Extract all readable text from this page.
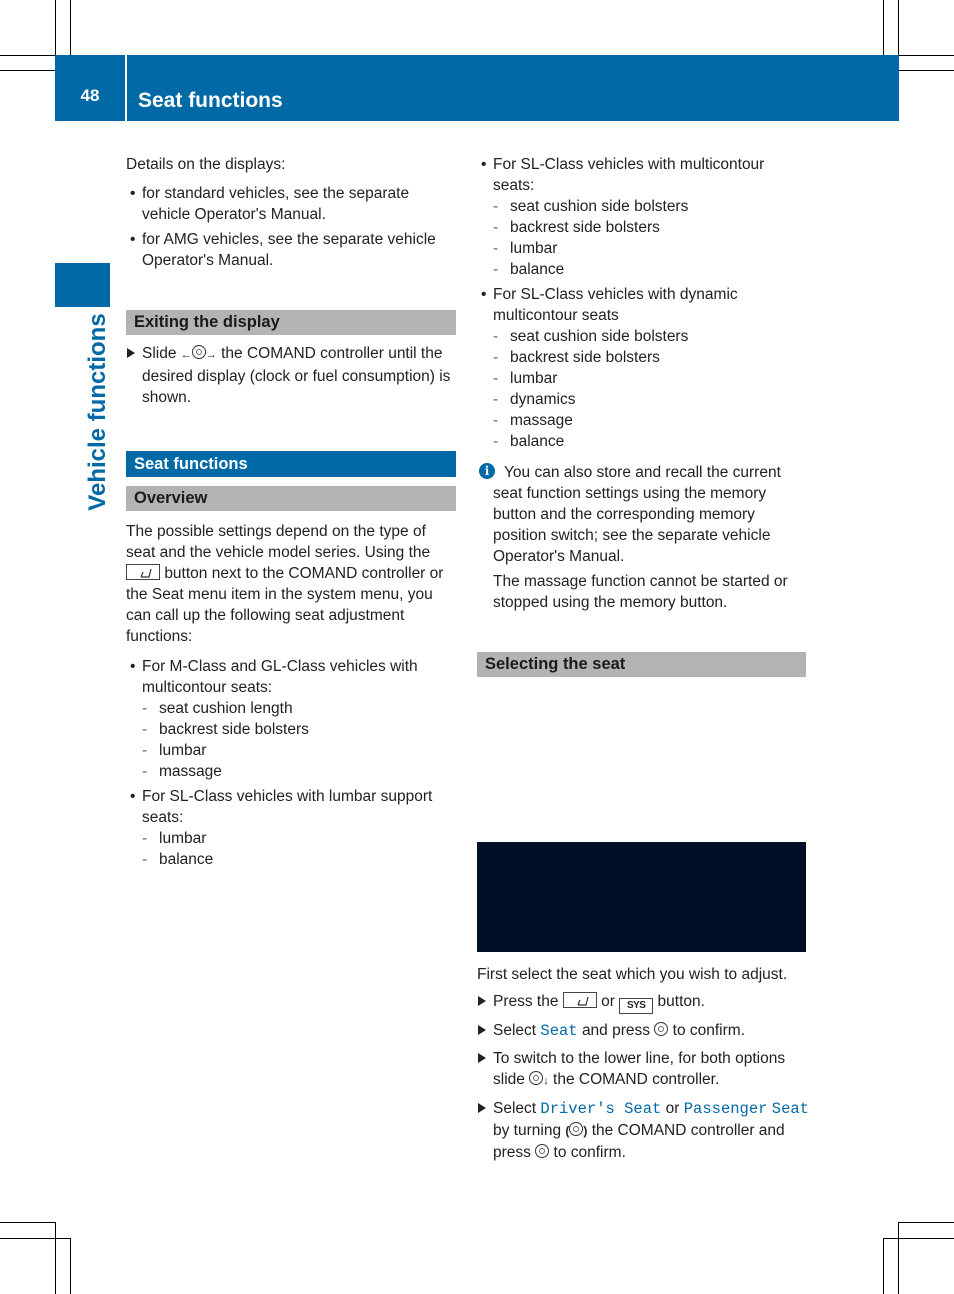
48	Seat functions
Vehicle functions

Details on the displays:

• for standard vehicles, see the separate vehicle Operator's Manual.

• for AMG vehicles, see the separate vehicle Operator's Manual.

Exiting the display

Slide ← → the COMAND controller until the desired display (clock or fuel consumption) is shown.

Seat functions
Overview

The possible settings depend on the type of seat and the vehicle model series. Using the  button next to the COMAND controller or the Seat menu item in the system menu, you can call up the following seat adjustment functions:

• For M-Class and GL-Class vehicles with multicontour seats:

- seat cushion length

- backrest side bolsters

- lumbar

- massage

• For SL-Class vehicles with lumbar support seats:

- lumbar

- balance

• For SL-Class vehicles with multicontour seats:

- seat cushion side bolsters

- backrest side bolsters

- lumbar

- balance

• For SL-Class vehicles with dynamic multicontour seats

- seat cushion side bolsters

- backrest side bolsters

- lumbar

- dynamics

- massage

- balance

i You can also store and recall the current seat function settings using the memory button and the corresponding memory position switch; see the separate vehicle Operator's Manual.

The massage function cannot be started or stopped using the memory button.

Selecting the seat

First select the seat which you wish to adjust.

Press the	or SYS button.

Select Seat and press to confirm.

To switch to the lower line, for both options slide ↓ the COMAND controller.

Select Driver's Seat or Passenger Seat by turning ( ) the COMAND controller and press to confirm.
